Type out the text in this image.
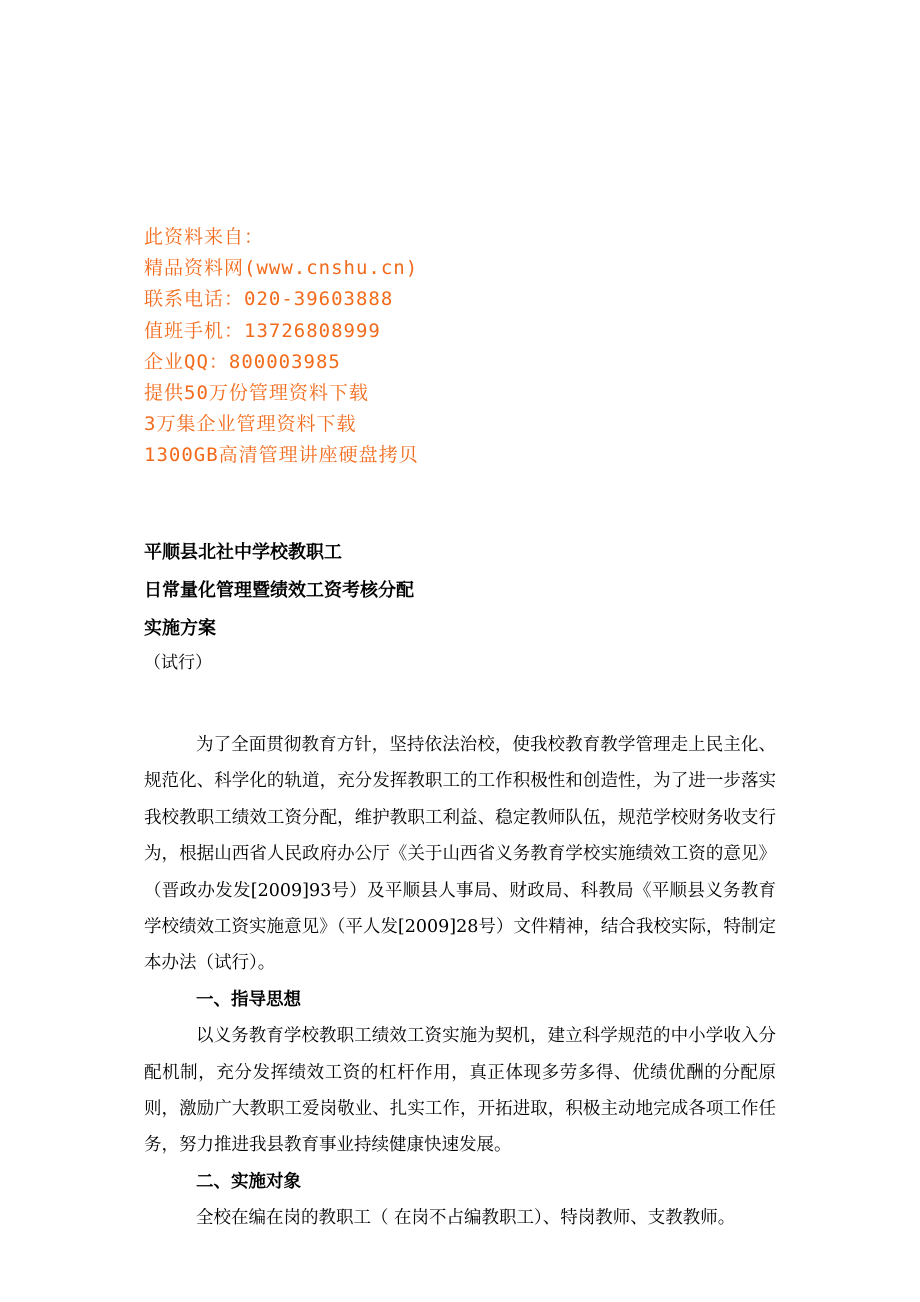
此资料来自：
精品资料网(www.cnshu.cn)
联系电话：020-39603888
值班手机：13726808999
企业QQ：800003985
提供50万份管理资料下载
3万集企业管理资料下载
1300GB高清管理讲座硬盘拷贝
平顺县北社中学校教职工
日常量化管理暨绩效工资考核分配
实施方案
（试行）

为了全面贯彻教育方针，坚持依法治校，使我校教育教学管理走上民主化、规范化、科学化的轨道，充分发挥教职工的工作积极性和创造性，为了进一步落实我校教职工绩效工资分配，维护教职工利益、稳定教师队伍，规范学校财务收支行为，根据山西省人民政府办公厅《关于山西省义务教育学校实施绩效工资的意见》（晋政办发发[2009]93号）及平顺县人事局、财政局、科教局《平顺县义务教育学校绩效工资实施意见》（平人发[2009]28号）文件精神，结合我校实际，特制定本办法（试行）。

一、指导思想

以义务教育学校教职工绩效工资实施为契机，建立科学规范的中小学收入分配机制，充分发挥绩效工资的杠杆作用，真正体现多劳多得、优绩优酬的分配原则，激励广大教职工爱岗敬业、扎实工作，开拓进取，积极主动地完成各项工作任务，努力推进我县教育事业持续健康快速发展。

二、实施对象

全校在编在岗的教职工（ 在岗不占编教职工）、特岗教师、支教教师。
